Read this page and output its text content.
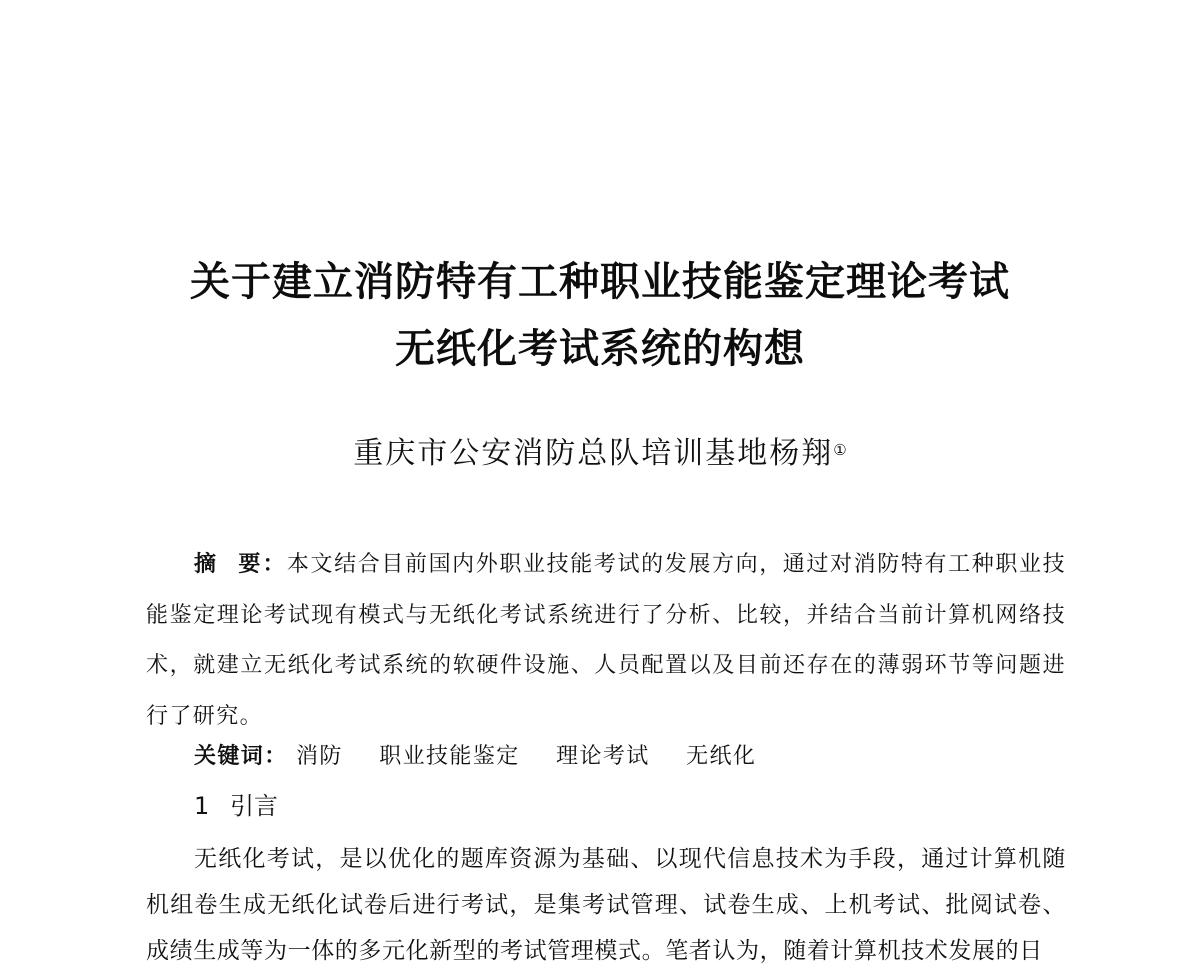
关于建立消防特有工种职业技能鉴定理论考试
无纸化考试系统的构想
重庆市公安消防总队培训基地杨翔①
摘 要：本文结合目前国内外职业技能考试的发展方向，通过对消防特有工种职业技能鉴定理论考试现有模式与无纸化考试系统进行了分析、比较，并结合当前计算机网络技术，就建立无纸化考试系统的软硬件设施、人员配置以及目前还存在的薄弱环节等问题进行了研究。
关键词： 消防 职业技能鉴定 理论考试 无纸化
1 引言
无纸化考试，是以优化的题库资源为基础、以现代信息技术为手段，通过计算机随机组卷生成无纸化试卷后进行考试，是集考试管理、试卷生成、上机考试、批阅试卷、成绩生成等为一体的多元化新型的考试管理模式。笔者认为，随着计算机技术发展的日
